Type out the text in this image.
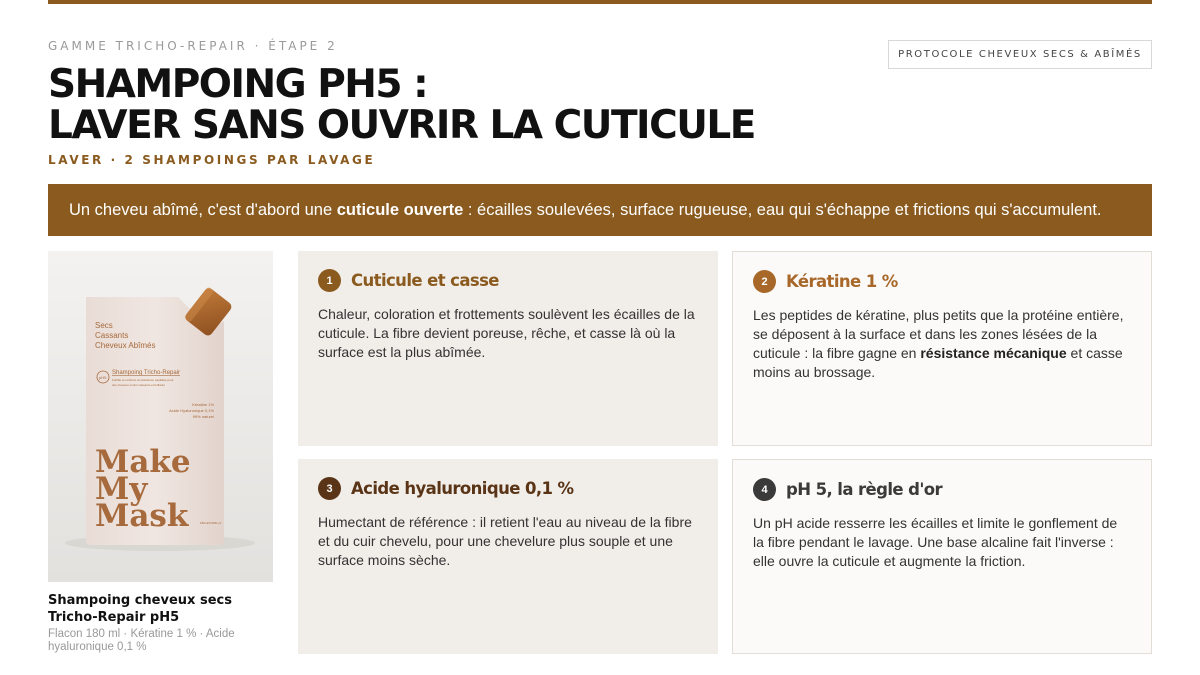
GAMME TRICHO-REPAIR · ÉTAPE 2
PROTOCOLE CHEVEUX SECS & ABÎMÉS
SHAMPOING PH5 :
LAVER SANS OUVRIR LA CUTICULE
LAVER · 2 SHAMPOINGS PAR LAVAGE
Un cheveu abîmé, c'est d'abord une cuticule ouverte : écailles soulevées, surface rugueuse, eau qui s'échappe et frictions qui s'accumulent.
Secs
Cassants
Cheveux Abîmés
pH5
Shampoing Tricho-Repair
Fortifie et renforce la résistance capillaire pour
des cheveux moins cassants et brillants
Kératine 1%
Acide Hyaluronique 0,1%
99% naturel
Make
My
Mask	180ml/6.08Fl.oz
Shampoing cheveux secs Tricho-Repair pH5
Flacon 180 ml · Kératine 1 % · Acide hyaluronique 0,1 %
1	Cuticule et casse
Chaleur, coloration et frottements soulèvent les écailles de la cuticule. La fibre devient poreuse, rêche, et casse là où la surface est la plus abîmée.
2	Kératine 1 %
Les peptides de kératine, plus petits que la protéine entière, se déposent à la surface et dans les zones lésées de la cuticule : la fibre gagne en résistance mécanique et casse moins au brossage.
3	Acide hyaluronique 0,1 %
Humectant de référence : il retient l'eau au niveau de la fibre et du cuir chevelu, pour une chevelure plus souple et une surface moins sèche.
4	pH 5, la règle d'or
Un pH acide resserre les écailles et limite le gonflement de la fibre pendant le lavage. Une base alcaline fait l'inverse : elle ouvre la cuticule et augmente la friction.
